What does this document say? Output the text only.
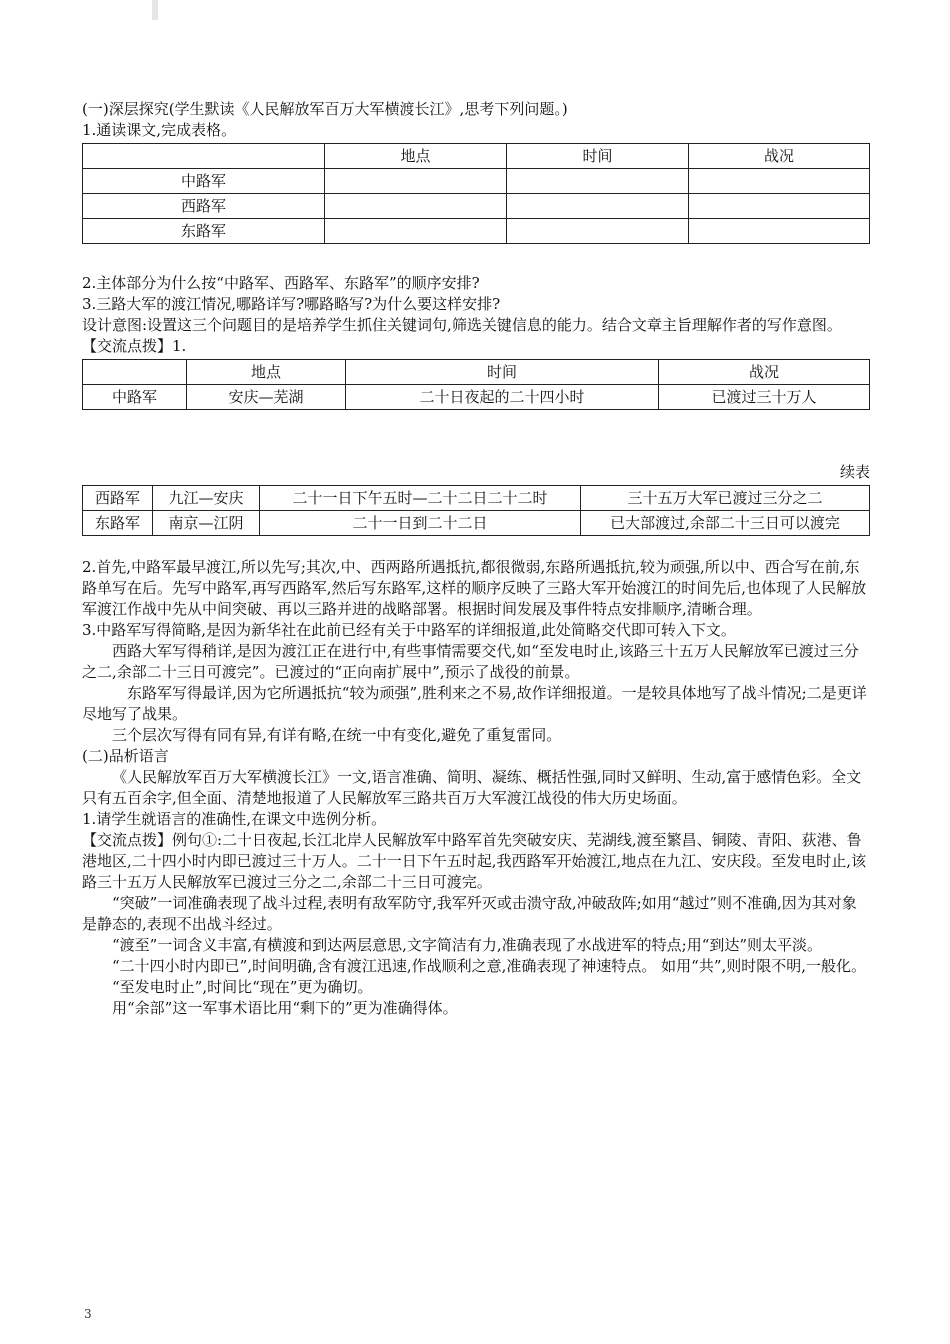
(一)深层探究(学生默读《人民解放军百万大军横渡长江》,思考下列问题。)
1.通读课文,完成表格。
	地点	时间	战况
中路军			
西路军			
东路军			
2.主体部分为什么按“中路军、西路军、东路军”的顺序安排?
3.三路大军的渡江情况,哪路详写?哪路略写?为什么要这样安排?
设计意图:设置这三个问题目的是培养学生抓住关键词句,筛选关键信息的能力。结合文章主旨理解作者的写作意图。
【交流点拨】1.
	地点	时间	战况
中路军	安庆—芜湖	二十日夜起的二十四小时	已渡过三十万人
续表
西路军	九江—安庆	二十一日下午五时—二十二日二十二时	三十五万大军已渡过三分之二
东路军	南京—江阴	二十一日到二十二日	已大部渡过,余部二十三日可以渡完
2.首先,中路军最早渡江,所以先写;其次,中、西两路所遇抵抗,都很微弱,东路所遇抵抗,较为顽强,所以中、西合写在前,东路单写在后。先写中路军,再写西路军,然后写东路军,这样的顺序反映了三路大军开始渡江的时间先后,也体现了人民解放军渡江作战中先从中间突破、再以三路并进的战略部署。根据时间发展及事件特点安排顺序,清晰合理。
3.中路军写得简略,是因为新华社在此前已经有关于中路军的详细报道,此处简略交代即可转入下文。
西路大军写得稍详,是因为渡江正在进行中,有些事情需要交代,如“至发电时止,该路三十五万人民解放军已渡过三分之二,余部二十三日可渡完”。已渡过的“正向南扩展中”,预示了战役的前景。
东路军写得最详,因为它所遇抵抗“较为顽强”,胜利来之不易,故作详细报道。一是较具体地写了战斗情况;二是更详尽地写了战果。
三个层次写得有同有异,有详有略,在统一中有变化,避免了重复雷同。
(二)品析语言
《人民解放军百万大军横渡长江》一文,语言准确、简明、凝练、概括性强,同时又鲜明、生动,富于感情色彩。全文只有五百余字,但全面、清楚地报道了人民解放军三路共百万大军渡江战役的伟大历史场面。
1.请学生就语言的准确性,在课文中选例分析。
【交流点拨】例句①:二十日夜起,长江北岸人民解放军中路军首先突破安庆、芜湖线,渡至繁昌、铜陵、青阳、荻港、鲁港地区,二十四小时内即已渡过三十万人。二十一日下午五时起,我西路军开始渡江,地点在九江、安庆段。至发电时止,该路三十五万人民解放军已渡过三分之二,余部二十三日可渡完。
“突破”一词准确表现了战斗过程,表明有敌军防守,我军歼灭或击溃守敌,冲破敌阵;如用“越过”则不准确,因为其对象是静态的,表现不出战斗经过。
“渡至”一词含义丰富,有横渡和到达两层意思,文字简洁有力,准确表现了水战进军的特点;用“到达”则太平淡。
“二十四小时内即已”,时间明确,含有渡江迅速,作战顺利之意,准确表现了神速特点。 如用“共”,则时限不明,一般化。
“至发电时止”,时间比“现在”更为确切。
用“余部”这一军事术语比用“剩下的”更为准确得体。
3
